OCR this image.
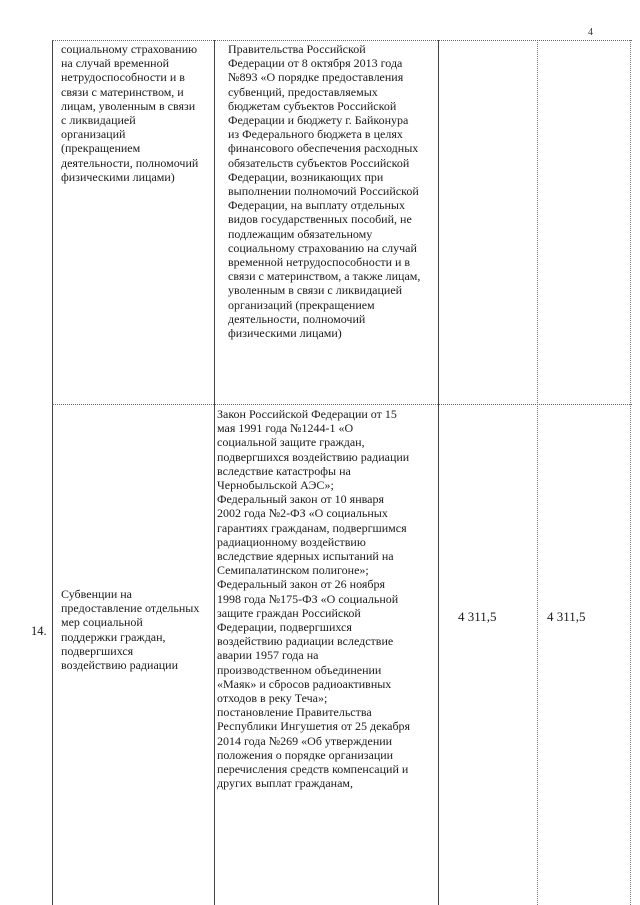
4
социальному страхованию
на случай временной
нетрудоспособности и в
связи с материнством, и
лицам, уволенным в связи
с ликвидацией
организаций
(прекращением
деятельности, полномочий
физическими лицами)
Правительства Российской
Федерации от 8 октября 2013 года
№893 «О порядке предоставления
субвенций, предоставляемых
бюджетам субъектов Российской
Федерации и бюджету г. Байконура
из Федерального бюджета в целях
финансового обеспечения расходных
обязательств субъектов Российской
Федерации, возникающих при
выполнении полномочий Российской
Федерации, на выплату отдельных
видов государственных пособий, не
подлежащим обязательному
социальному страхованию на случай
временной нетрудоспособности и в
связи с материнством, а также лицам,
уволенным в связи с ликвидацией
организаций (прекращением
деятельности, полномочий
физическими лицами)
14.
Субвенции на
предоставление отдельных
мер социальной
поддержки граждан,
подвергшихся
воздействию радиации
Закон Российской Федерации от 15
мая 1991 года №1244-1 «О
социальной защите граждан,
подвергшихся воздействию радиации
вследствие катастрофы на
Чернобыльской АЭС»;
Федеральный закон от 10 января
2002 года №2-ФЗ «О социальных
гарантиях гражданам, подвергшимся
радиационному воздействию
вследствие ядерных испытаний на
Семипалатинском полигоне»;
Федеральный закон от 26 ноября
1998 года №175-ФЗ «О социальной
защите граждан Российской
Федерации, подвергшихся
воздействию радиации вследствие
аварии 1957 года на
производственном объединении
«Маяк» и сбросов радиоактивных
отходов в реку Теча»;
постановление Правительства
Республики Ингушетия от 25 декабря
2014 года №269 «Об утверждении
положения о порядке организации
перечисления средств компенсаций и
других выплат гражданам,
4 311,5	4 311,5
